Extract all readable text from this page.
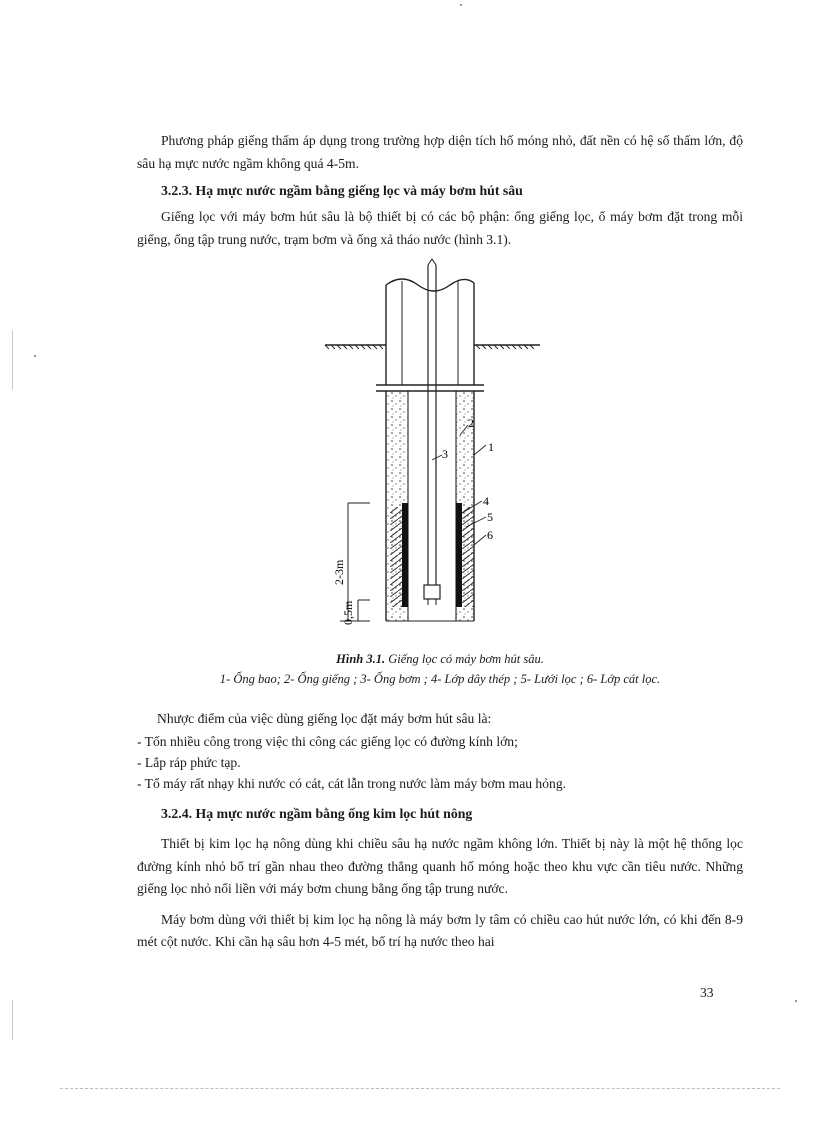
Phương pháp giếng thấm áp dụng trong trường hợp diện tích hố móng nhỏ, đất nền có hệ số thấm lớn, độ sâu hạ mực nước ngầm không quá 4-5m.

3.2.3. Hạ mực nước ngầm bằng giếng lọc và máy bơm hút sâu

Giếng lọc với máy bơm hút sâu là bộ thiết bị có các bộ phận: ống giếng lọc, ổ máy bơm đặt trong mỗi giếng, ống tập trung nước, trạm bơm và ống xả tháo nước (hình 3.1).

1
2
3
4
5
6
2-3m
0,5m
Hình 3.1. Giếng lọc có máy bơm hút sâu.
1- Ống bao; 2- Ống giếng ; 3- Ống bơm ; 4- Lớp dây thép ; 5- Lưới lọc ; 6- Lớp cát lọc.

Nhược điểm của việc dùng giếng lọc đặt máy bơm hút sâu là:

- Tốn nhiều công trong việc thi công các giếng lọc có đường kính lớn;

- Lắp ráp phức tạp.

- Tổ máy rất nhạy khi nước có cát, cát lẫn trong nước làm máy bơm mau hỏng.

3.2.4. Hạ mực nước ngầm bằng ống kim lọc hút nông

Thiết bị kim lọc hạ nông dùng khi chiều sâu hạ nước ngầm không lớn. Thiết bị này là một hệ thống lọc đường kính nhỏ bố trí gần nhau theo đường thẳng quanh hố móng hoặc theo khu vực cần tiêu nước. Những giếng lọc nhỏ nối liền với máy bơm chung bằng ống tập trung nước.

Máy bơm dùng với thiết bị kim lọc hạ nông là máy bơm ly tâm có chiều cao hút nước lớn, có khi đến 8-9 mét cột nước. Khi cần hạ sâu hơn 4-5 mét, bố trí hạ nước theo hai

33
